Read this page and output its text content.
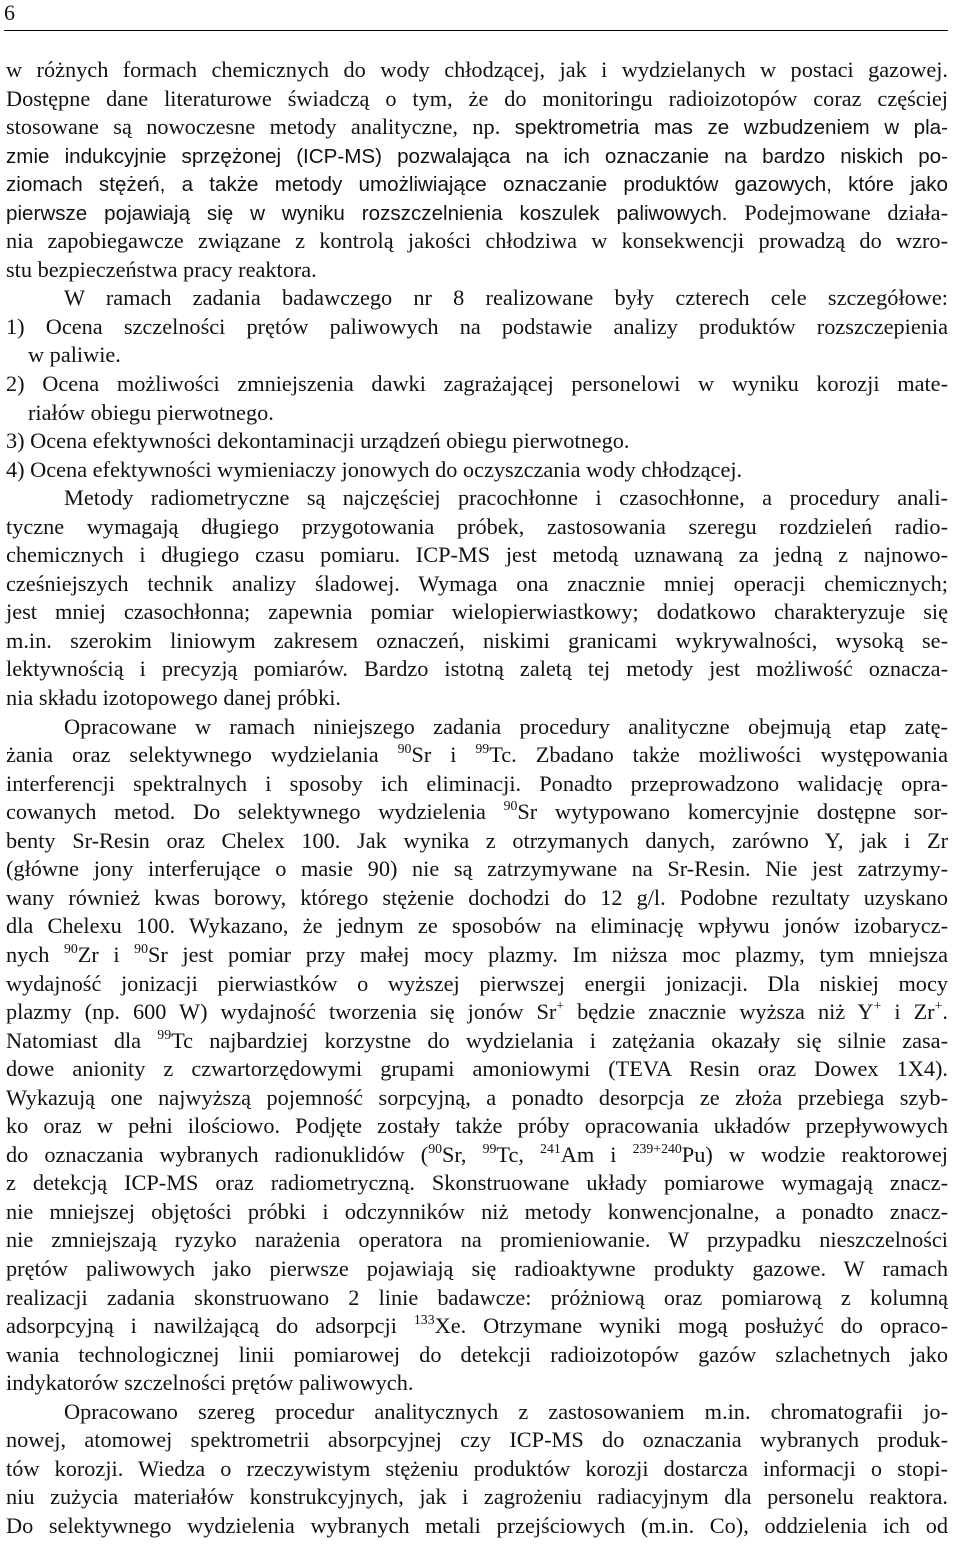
6
w różnych formach chemicznych do wody chłodzącej, jak i wydzielanych w postaci gazowej.
Dostępne dane literaturowe świadczą o tym, że do monitoringu radioizotopów coraz częściej
stosowane są nowoczesne metody analityczne, np. spektrometria mas ze wzbudzeniem w pla-
zmie indukcyjnie sprzężonej (ICP-MS) pozwalająca na ich oznaczanie na bardzo niskich po-
ziomach stężeń, a także metody umożliwiające oznaczanie produktów gazowych, które jako
pierwsze pojawiają się w wyniku rozszczelnienia koszulek paliwowych. Podejmowane działa-
nia zapobiegawcze związane z kontrolą jakości chłodziwa w konsekwencji prowadzą do wzro-
stu bezpieczeństwa pracy reaktora.
W ramach zadania badawczego nr 8 realizowane były czterech cele szczegółowe:
1) Ocena szczelności prętów paliwowych na podstawie analizy produktów rozszczepienia
w paliwie.
2) Ocena możliwości zmniejszenia dawki zagrażającej personelowi w wyniku korozji mate-
riałów obiegu pierwotnego.
3) Ocena efektywności dekontaminacji urządzeń obiegu pierwotnego.
4) Ocena efektywności wymieniaczy jonowych do oczyszczania wody chłodzącej.
Metody radiometryczne są najczęściej pracochłonne i czasochłonne, a procedury anali-
tyczne wymagają długiego przygotowania próbek, zastosowania szeregu rozdzieleń radio-
chemicznych i długiego czasu pomiaru. ICP-MS jest metodą uznawaną za jedną z najnowo-
cześniejszych technik analizy śladowej. Wymaga ona znacznie mniej operacji chemicznych;
jest mniej czasochłonna; zapewnia pomiar wielopierwiastkowy; dodatkowo charakteryzuje się
m.in. szerokim liniowym zakresem oznaczeń, niskimi granicami wykrywalności, wysoką se-
lektywnością i precyzją pomiarów. Bardzo istotną zaletą tej metody jest możliwość oznacza-
nia składu izotopowego danej próbki.
Opracowane w ramach niniejszego zadania procedury analityczne obejmują etap zatę-
żania oraz selektywnego wydzielania $^{90}$Sr i $^{99}$Tc. Zbadano także możliwości występowania
interferencji spektralnych i sposoby ich eliminacji. Ponadto przeprowadzono walidację opra-
cowanych metod. Do selektywnego wydzielenia $^{90}$Sr wytypowano komercyjnie dostępne sor-
benty Sr-Resin oraz Chelex 100. Jak wynika z otrzymanych danych, zarówno Y, jak i Zr
(główne jony interferujące o masie 90) nie są zatrzymywane na Sr-Resin. Nie jest zatrzymy-
wany również kwas borowy, którego stężenie dochodzi do 12 g/l. Podobne rezultaty uzyskano
dla Chelexu 100. Wykazano, że jednym ze sposobów na eliminację wpływu jonów izobarycz-
nych $^{90}$Zr i $^{90}$Sr jest pomiar przy małej mocy plazmy. Im niższa moc plazmy, tym mniejsza
wydajność jonizacji pierwiastków o wyższej pierwszej energii jonizacji. Dla niskiej mocy
plazmy (np. 600 W) wydajność tworzenia się jonów Sr+ będzie znacznie wyższa niż Y+ i Zr+.
Natomiast dla $^{99}$Tc najbardziej korzystne do wydzielania i zatężania okazały się silnie zasa-
dowe anionity z czwartorzędowymi grupami amoniowymi (TEVA Resin oraz Dowex 1X4).
Wykazują one najwyższą pojemność sorpcyjną, a ponadto desorpcja ze złoża przebiega szyb-
ko oraz w pełni ilościowo. Podjęte zostały także próby opracowania układów przepływowych
do oznaczania wybranych radionuklidów ($^{90}$Sr, $^{99}$Tc, $^{241}$Am i $^{239+240}$Pu) w wodzie reaktorowej
z detekcją ICP-MS oraz radiometryczną. Skonstruowane układy pomiarowe wymagają znacz-
nie mniejszej objętości próbki i odczynników niż metody konwencjonalne, a ponadto znacz-
nie zmniejszają ryzyko narażenia operatora na promieniowanie. W przypadku nieszczelności
prętów paliwowych jako pierwsze pojawiają się radioaktywne produkty gazowe. W ramach
realizacji zadania skonstruowano 2 linie badawcze: próżniową oraz pomiarową z kolumną
adsorpcyjną i nawilżającą do adsorpcji $^{133}$Xe. Otrzymane wyniki mogą posłużyć do opraco-
wania technologicznej linii pomiarowej do detekcji radioizotopów gazów szlachetnych jako
indykatorów szczelności prętów paliwowych.
Opracowano szereg procedur analitycznych z zastosowaniem m.in. chromatografii jo-
nowej, atomowej spektrometrii absorpcyjnej czy ICP-MS do oznaczania wybranych produk-
tów korozji. Wiedza o rzeczywistym stężeniu produktów korozji dostarcza informacji o stopi-
niu zużycia materiałów konstrukcyjnych, jak i zagrożeniu radiacyjnym dla personelu reaktora.
Do selektywnego wydzielenia wybranych metali przejściowych (m.in. Co), oddzielenia ich od
